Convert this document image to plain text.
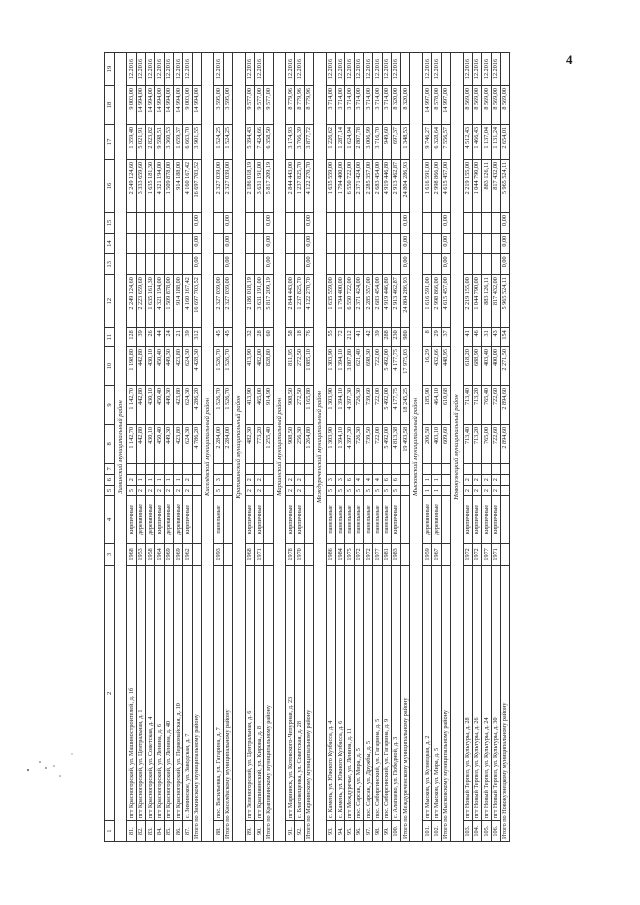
4
1	2	3	4	5	6	7	8	9	10	11	12	13	14	15	16	17	18	19
Зиминский муниципальный район																		
81.	пгт Красногорский, ул. Машиностроителей, д. 1б	1968	кирпичные	5	2		1 142,70	1 142,70	1 198,80	128	2 249 124,60				2 249 124,60	1 359,40	9 003,00	12.2016
82.	пгт Красногорский, ул. Центральная, д. 1	1953	деревянные	2	1		442,80	442,80	442,80	39	2 223 659,60				3 333 659,60	5 021,91	14 994,00	12.2016
83.	пгт Красногорский, ул. Советская, д. 4	1958	деревянные	2	1		430,10	430,10	430,10	26	1 635 161,30				1 635 181,30	2 823,82	14 994,00	12.2016
84.	пгт Красногорский, ул. Ленина, д. 6	1964	кирпичные	2	1		450,40	450,40	450,40	44	4 321 194,00				4 321 194,00	9 598,51	14 994,00	12.2016
85.	пгт Красногорский, ул. Ленина, д. 40	1969	деревянные	2	1		449,30	449,30	449,30	24	1 509 878,00				1 509 878,00	3 360,53	14 994,00	12.2016
86.	пгт Красногорский, ул. Первомайская, д. 10	1969	деревянные	2	1		423,80	423,80	423,80	21	914 188,00				914 188,00	1 659,37	14 994,00	12.2016
87.	с. Зиминское, ул. Заводская, д. 7	1962	кирпичные	2	2		624,30	624,30	624,30	39	4 160 167,42				4 160 167,42	6 663,70	9 003,00	12.2016
Итого по Зиминскому муниципальному району							4 786,20	4 286,20	4 428,30	312	16 697 703,52	0,00	0,00	0,00	16 697 703,52	3 901,55	14 994,00	
Киселёвский муниципальный район																		
88.	пос. Васильевка, ул. Гагарина, д. 7	1993	панельные	5	3		2 284,00	1 526,70	1 526,70	45	2 327 039,00				2 327 039,00	1 524,25	3 595,00	12.2016
Итого по Киселёвскому муниципальному району							2 284,00	1 526,70	1 526,70	45	2 327 039,00	0,00	0,00	0,00	2 327 039,00	1 524,25	3 595,00	
Крапивинский муниципальный район																		
89.	пгт Зеленогорский, ул. Центральная, д. 6	1968	кирпичные	2	2		482,30	413,90	413,90	32	2 186 018,19				2 186 018,19	5 394,43	9 577,00	12.2016
90.	пгт Крапивинский, ул. Кирова, д. 8	1971	кирпичные	2	2		773,20	465,00	482,00	28	3 631 191,00				3 631 191,00	7 424,66	9 577,00	12.2016
Итого по Крапивинскому муниципальному району							1 255,40	914,90	828,80	60	5 817 209,19	0,00	0,00	0,00	5 817 209,19	6 358,50	9 577,00	
Мариинский муниципальный район																		
91.	пгт Мариинск, ул. Котовского-Чепурная, д. 23	1978	кирпичные	2	2		908,50	908,50	811,95	58	2 844 443,00				2 844 443,00	3 174,93	8 779,96	12.2016
92.	с. Благовещенка, ул. Советская, д. 28	1970	кирпичные	2	2		256,30	272,50	272,50	18	1 237 825,70				1 237 825,70	3 766,39	8 779,96	12.2016
Итого по Мариинскому муниципальному району							1 264,80	1 165,80	1 085,10	76	4 122 270,70	0,00	0,00	0,00	4 122 270,70	3 877,72	8 779,96	
Междуреченский муниципальный район																		
93.	с. Камень, ул. Южного Кузбасса, д. 4	1986	панельные	5	3		1 303,90	1 303,90	1 303,90	55	1 635 559,00				1 635 559,00	1 226,62	3 714,00	12.2016
94.	с. Камень, ул. Южного Кузбасса, д. 6	1984	панельные	5	3		1 394,10	1 394,10	1 394,10	72	1 794 400,00				1 794 400,00	1 287,14	3 714,00	12.2016
95.	пгт Междуречье, ул. Ленина, д. 11	1975	панельные	5	6		4 397,30	4 397,30	3 807,80	212	6 550 722,00				6 550 722,00	1 624,94	3 714,00	12.2016
96.	пос. Сарсак, ул. Мира, д. 5	1972	панельные	5	4		726,30	726,30	621,40	41	2 371 424,00				2 371 424,00	2 807,78	3 714,00	12.2016
97.	пос. Сарсак, ул. Дружбы, д. 5	1972	панельные	5	4		739,50	739,60	698,30	42	2 285 357,00				2 285 357,00	3 006,99	3 714,00	12.2016
98.	пос. Сибиргинский, ул. Гагарина, д. 5	1977	панельные	5	4		722,00	722,00	722,00	39	2 683 454,00				2 683 454,00	3 716,70	3 714,00	12.2016
99.	пос. Сибиргинский, ул. Гагарина, д. 9	1981	панельные	5	6		5 492,00	5 492,00	5 492,00	288	4 919 446,80				4 919 446,80	949,60	3 714,00	12.2016
100.	с. Алапаево, ул. Победной, д. 3	1983	кирпичные	5	6		4 813,38	4 177,75	4 177,75	230	2 913 462,87				2 913 462,87	697,37	8 320,00	12.2016
Итого по Междуреченскому муниципальному району							19 493,58	18 245,25	17 975,03	980	24 804 286,93	0,00	0,00	0,00	24 804 286,93	1 348,53	8 320,00	
Мысковский муниципальный район																		
101.	пгт Мысков, ул. Кузнецкая, д. 2	1959	деревянные	1	1		206,50	185,90	16,29	8	1 616 591,00				1 616 591,00	9 746,27	14 997,00	12.2016
102.	пгт Мысков, ул. Мира, д. 5	1967	деревянные	1	1		403,10	464,10	432,66	29	2 998 866,00				2 998 866,00	6 328,64	8 578,00	12.2016
Итого по Мысковскому муниципальному району							609,60	610,68	448,95	37	4 615 457,00	0,00	0,00	0,00	4 615 457,00	7 556,57	14 997,00	
Новокузнецкий муниципальный район																		
103.	пгт Новый Терпел, ул. Культуры, д. 28	1972	кирпичные	2	2		713,40	713,40	618,20	41	2 219 155,00				2 219 155,00	4 512,43	8 569,00	12.2016
104.	пгт Новый Терпел, ул. Культуры, д. 26	1972	кирпичные	2	2		713,20	713,20	688,90	46	1 044 790,00				1 044 790,00	1 466,43	8 569,00	12.2016
105.	пгт Новый Терпел, ул. Культуры, д. 24	1977	кирпичные	2	2		765,00	765,40	403,40	31	883 126,11				883 126,11	1 137,04	8 569,00	12.2016
106.	пгт Новый Терпел, ул. Культуры, д. 30	1971	кирпичные	2	2		722,60	722,60	400,00	43	817 432,00				817 432,00	1 131,24	8 569,00	12.2016
Итого по Новокузнецкому муниципальному району							2 894,60	2 894,60	2 271,50	154	5 965 524,11	0,00	0,00	0,00	5 965 524,11	2 654,01	8 569,00	
